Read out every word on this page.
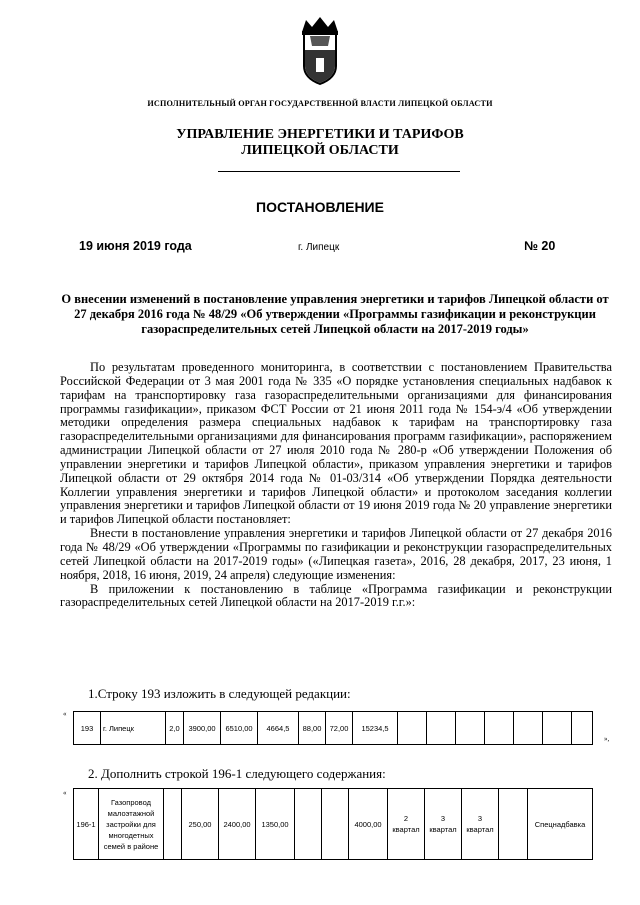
ИСПОЛНИТЕЛЬНЫЙ ОРГАН ГОСУДАРСТВЕННОЙ ВЛАСТИ ЛИПЕЦКОЙ ОБЛАСТИ
УПРАВЛЕНИЕ ЭНЕРГЕТИКИ И ТАРИФОВ
ЛИПЕЦКОЙ ОБЛАСТИ
ПОСТАНОВЛЕНИЕ
19 июня 2019 года	г. Липецк	№ 20
О внесении изменений в постановление управления энергетики и тарифов Липецкой области от 27 декабря 2016 года № 48/29 «Об утверждении «Программы газификации и реконструкции газораспределительных сетей Липецкой области на 2017-2019 годы»

По результатам проведенного мониторинга, в соответствии с постановлением Правительства Российской Федерации от 3 мая 2001 года № 335 «О порядке установления специальных надбавок к тарифам на транспортировку газа газораспределительными организациями для финансирования программы газификации», приказом ФСТ России от 21 июня 2011 года № 154-э/4 «Об утверждении методики определения размера специальных надбавок к тарифам на транспортировку газа газораспределительными организациями для финансирования программ газификации», распоряжением администрации Липецкой области от 27 июля 2010 года № 280-р «Об утверждении Положения об управлении энергетики и тарифов Липецкой области», приказом управления энергетики и тарифов Липецкой области от 29 октября 2014 года № 01-03/314 «Об утверждении Порядка деятельности Коллегии управления энергетики и тарифов Липецкой области» и протоколом заседания коллегии управления энергетики и тарифов Липецкой области от 19 июня 2019 года № 20 управление энергетики и тарифов Липецкой области постановляет:

Внести в постановление управления энергетики и тарифов Липецкой области от 27 декабря 2016 года № 48/29 «Об утверждении «Программы по газификации и реконструкции газораспределительных сетей Липецкой области на 2017-2019 годы» («Липецкая газета», 2016, 28 декабря, 2017, 23 июня, 1 ноября, 2018, 16 июня, 2019, 24 апреля) следующие изменения:

В приложении к постановлению в таблице «Программа газификации и реконструкции газораспределительных сетей Липецкой области на 2017-2019 г.г.»:

1.Строку 193 изложить в следующей редакции:
«
193	г. Липецк	2,0	3900,00	6510,00	4664,5	88,00	72,00	15234,5							
»,
2. Дополнить строкой 196-1 следующего содержания:
«
196-1	Газопровод малоэтажной застройки для многодетных семей в районе		250,00	2400,00	1350,00			4000,00	2 квартал	3 квартал	3 квартал		Спецнадбавка
